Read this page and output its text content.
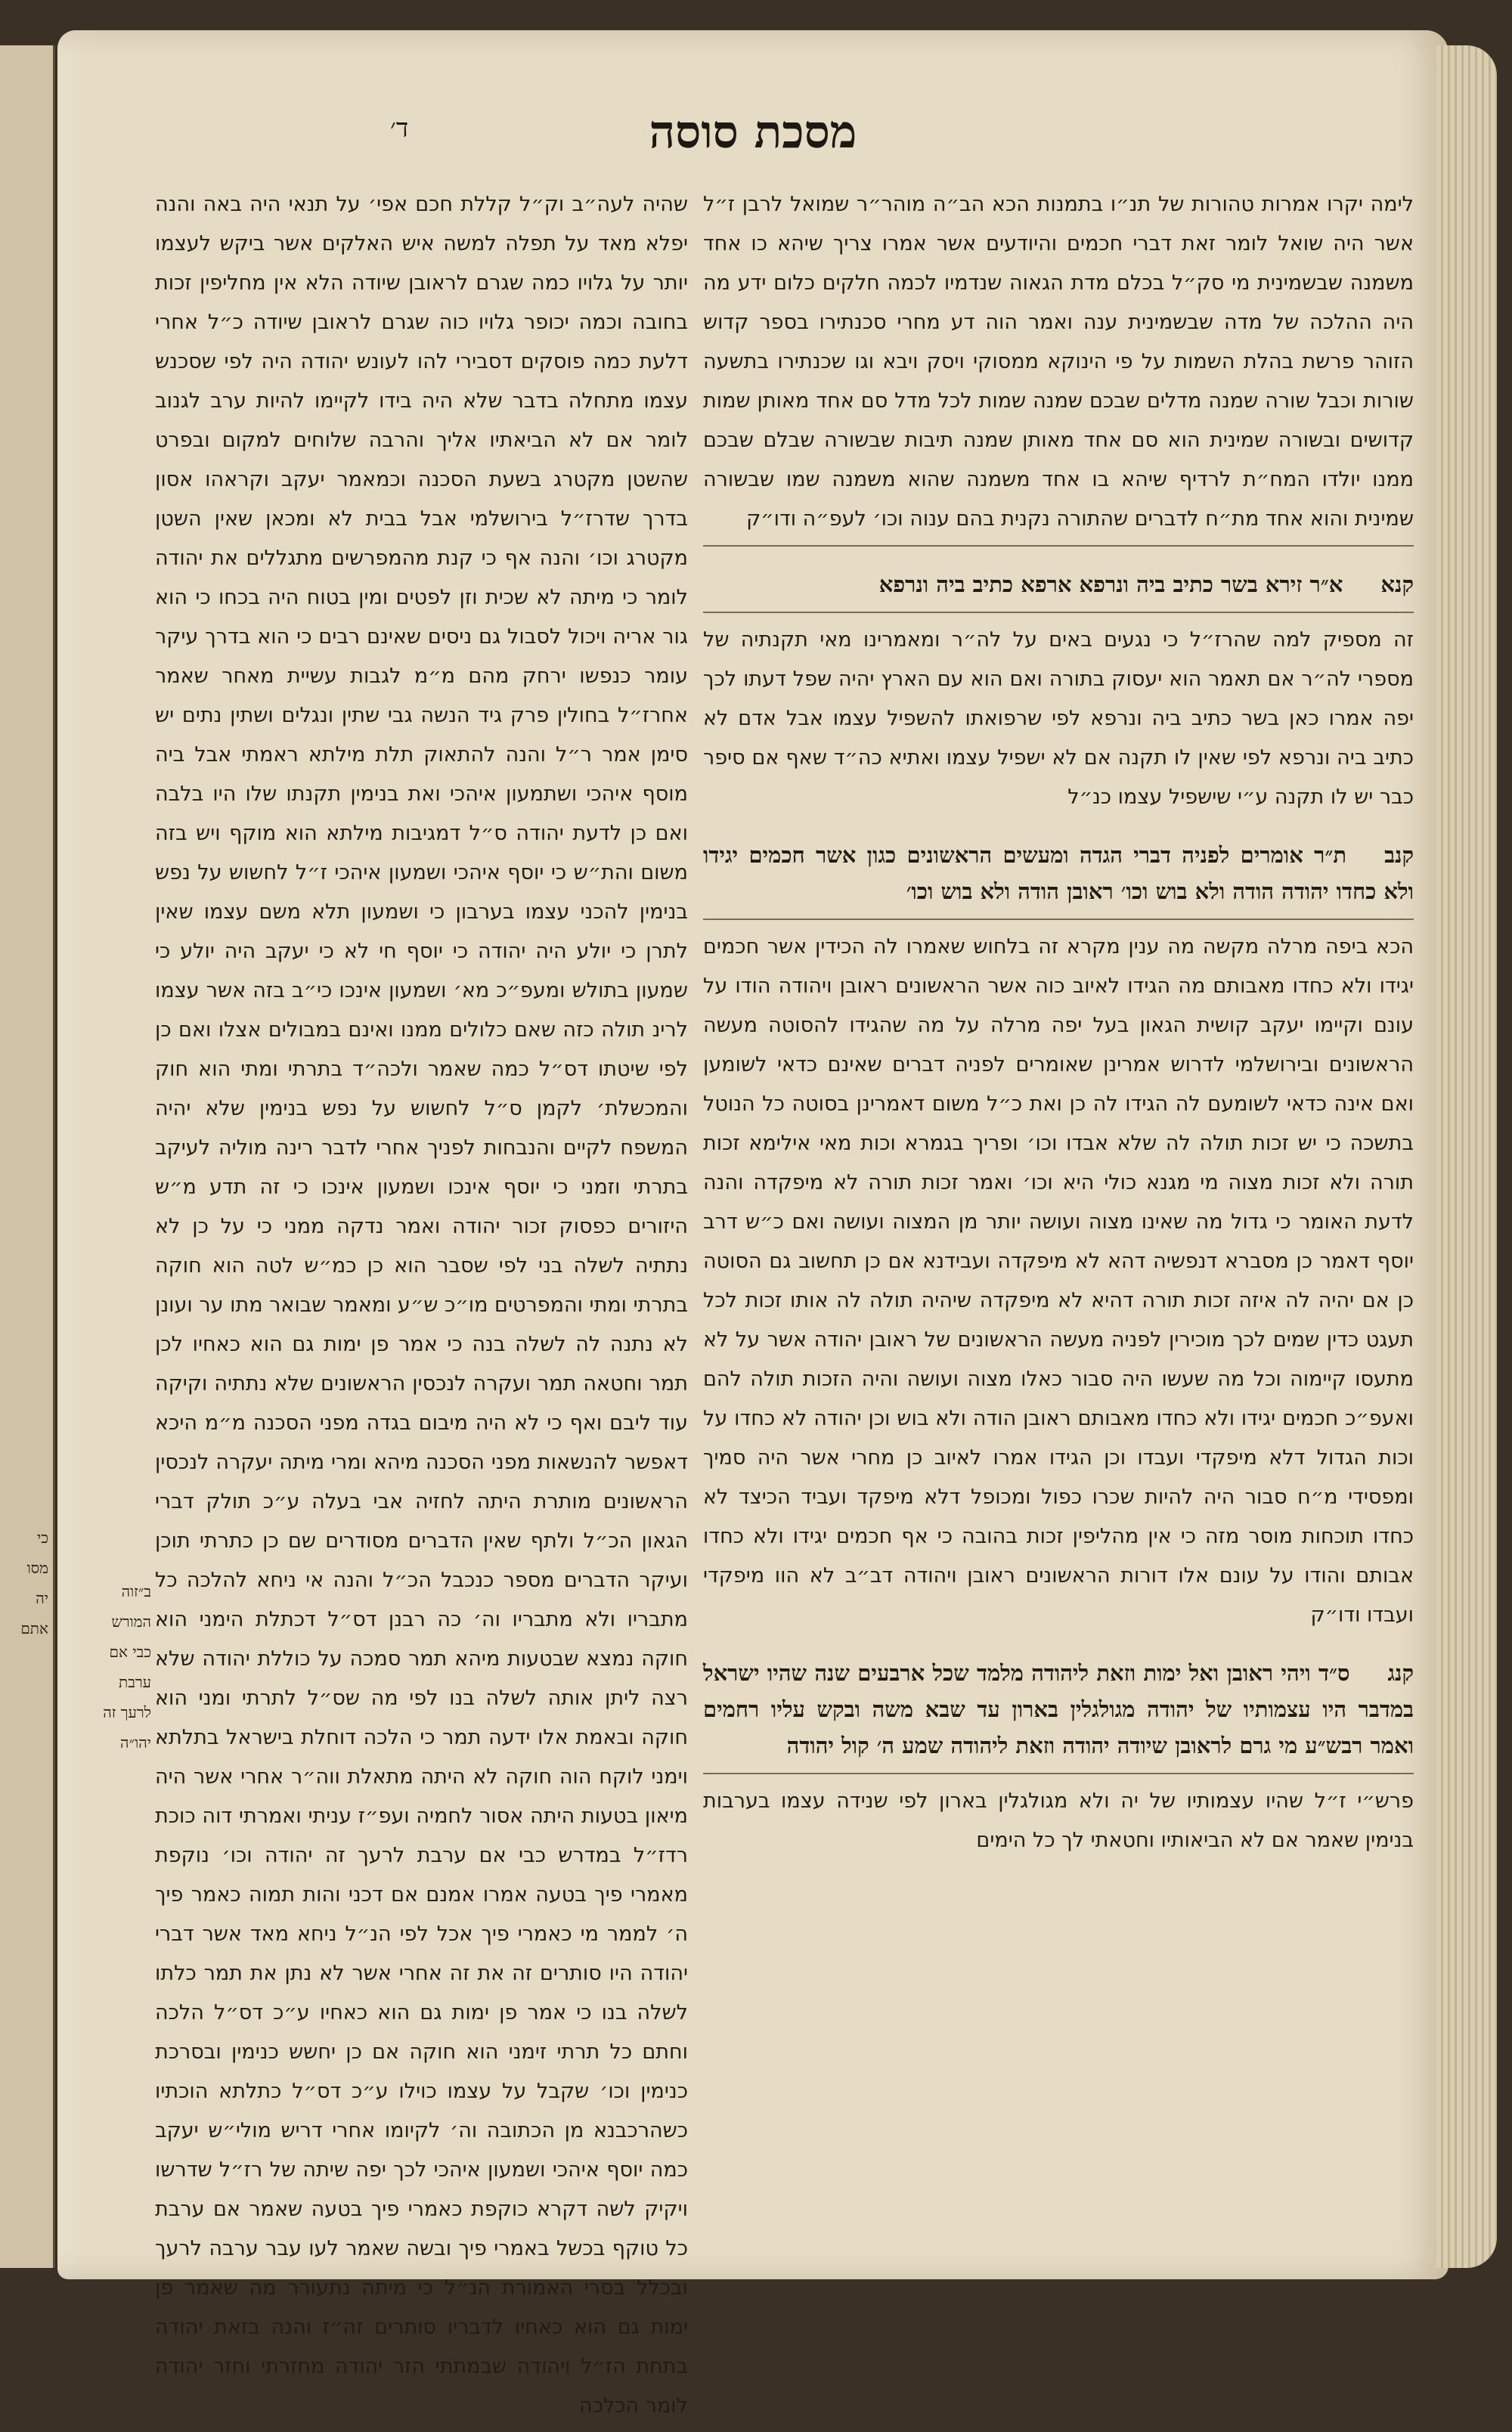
כי
מסו
יה
אתם
ד׳	מסכת סוסה

לימה יקרו אמרות טהורות של תנ״ו בתמנות הכא הב״ה מוהר״ר שמואל לרבן ז״ל אשר היה שואל לומר זאת דברי חכמים והיודעים אשר אמרו צריך שיהא כו אחד משמנה שבשמינית מי סק״ל בכלם מדת הגאוה שנדמיו לכמה חלקים כלום ידע מה היה ההלכה של מדה שבשמינית ענה ואמר הוה דע מחרי סכנתירו בספר קדוש הזוהר פרשת בהלת השמות על פי הינוקא ממסוקי ויסק ויבא וגו שכנתירו בתשעה שורות וכבל שורה שמנה מדלים שבכם שמנה שמות לכל מדל סם אחד מאותן שמות קדושים ובשורה שמינית הוא סם אחד מאותן שמנה תיבות שבשורה שבלם שבכם ממנו יולדו המח״ת לרדיף שיהא בו אחד משמנה שהוא משמנה שמו שבשורה שמינית והוא אחד מת״ח לדברים שהתורה נקנית בהם ענוה וכו׳ לעפ״ה ודו״ק

קנאא״ר זירא בשר כתיב ביה ונרפא ארפא כתיב ביה ונרפא

זה מספיק למה שהרז״ל כי נגעים באים על לה״ר ומאמרינו מאי תקנתיה של מספרי לה״ר אם תאמר הוא יעסוק בתורה ואם הוא עם הארץ יהיה שפל דעתו לכך יפה אמרו כאן בשר כתיב ביה ונרפא לפי שרפואתו להשפיל עצמו אבל אדם לא כתיב ביה ונרפא לפי שאין לו תקנה אם לא ישפיל עצמו ואתיא כה״ד שאף אם סיפר כבר יש לו תקנה ע״י שישפיל עצמו כנ״ל

קנבת״ר אומרים לפניה דברי הגדה ומעשים הראשונים כגון אשר חכמים יגידו ולא כחדו יהודה הודה ולא בוש וכו׳ ראובן הודה ולא בוש וכו׳

הכא ביפה מרלה מקשה מה ענין מקרא זה בלחוש שאמרו לה הכידין אשר חכמים יגידו ולא כחדו מאבותם מה הגידו לאיוב כוה אשר הראשונים ראובן ויהודה הודו על עונם וקיימו יעקב קושית הגאון בעל יפה מרלה על מה שהגידו להסוטה מעשה הראשונים ובירושלמי לדרוש אמרינן שאומרים לפניה דברים שאינם כדאי לשומען ואם אינה כדאי לשומעם לה הגידו לה כן ואת כ״ל משום דאמרינן בסוטה כל הנוטל בתשכה כי יש זכות תולה לה שלא אבדו וכו׳ ופריך בגמרא וכות מאי אילימא זכות תורה ולא זכות מצוה מי מגנא כולי היא וכו׳ ואמר זכות תורה לא מיפקדה והנה לדעת האומר כי גדול מה שאינו מצוה ועושה יותר מן המצוה ועושה ואם כ״ש דרב יוסף דאמר כן מסברא דנפשיה דהא לא מיפקדה ועבידנא אם כן תחשוב גם הסוטה כן אם יהיה לה איזה זכות תורה דהיא לא מיפקדה שיהיה תולה לה אותו זכות לכל תעגט כדין שמים לכך מוכירין לפניה מעשה הראשונים של ראובן יהודה אשר על לא מתעסו קיימוה וכל מה שעשו היה סבור כאלו מצוה ועושה והיה הזכות תולה להם ואעפ״כ חכמים יגידו ולא כחדו מאבותם ראובן הודה ולא בוש וכן יהודה לא כחדו על וכות הגדול דלא מיפקדי ועבדו וכן הגידו אמרו לאיוב כן מחרי אשר היה סמיך ומפסידי מ״ח סבור היה להיות שכרו כפול ומכופל דלא מיפקד ועביד הכיצד לא כחדו תוכחות מוסר מזה כי אין מהליפין זכות בהובה כי אף חכמים יגידו ולא כחדו אבותם והודו על עונם אלו דורות הראשונים ראובן ויהודה דב״ב לא הוו מיפקדי ועבדו ודו״ק

קנגס״ד ויהי ראובן ואל ימות וזאת ליהודה מלמד שכל ארבעים שנה שהיו ישראל במדבר היו עצמותיו של יהודה מגולגלין בארון עד שבא משה ובקש עליו רחמים ואמר רבש״ע מי גרם לראובן שיודה יהודה וזאת ליהודה שמע ה׳ קול יהודה

פרש״י ז״ל שהיו עצמותיו של יה ולא מגולגלין בארון לפי שנידה עצמו בערבות בנימין שאמר אם לא הביאותיו וחטאתי לך כל הימים

שהיה לעה״ב וק״ל קללת חכם אפי׳ על תנאי היה באה והנה יפלא מאד על תפלה למשה איש האלקים אשר ביקש לעצמו יותר על גלויו כמה שגרם לראובן שיודה הלא אין מחליפין זכות בחובה וכמה יכופר גלויו כוה שגרם לראובן שיודה כ״ל אחרי דלעת כמה פוסקים דסבירי להו לעונש יהודה היה לפי שסכנש עצמו מתחלה בדבר שלא היה בידו לקיימו להיות ערב לגנוב לומר אם לא הביאתיו אליך והרבה שלוחים למקום ובפרט שהשטן מקטרג בשעת הסכנה וכמאמר יעקב וקראהו אסון בדרך שדרז״ל בירושלמי אבל בבית לא ומכאן שאין השטן מקטרג וכו׳ והנה אף כי קנת מהמפרשים מתגללים את יהודה לומר כי מיתה לא שכית וזן לפטים ומין בטוח היה בכחו כי הוא גור אריה ויכול לסבול גם ניסים שאינם רבים כי הוא בדרך עיקר עומר כנפשו ירחק מהם מ״מ לגבות עשיית מאחר שאמר אחרז״ל בחולין פרק גיד הנשה גבי שתין ונגלים ושתין נתים יש סימן אמר ר״ל והנה להתאוק תלת מילתא ראמתי אבל ביה מוסף איהכי ושתמעון איהכי ואת בנימין תקנתו שלו היו בלבה ואם כן לדעת יהודה ס״ל דמגיבות מילתא הוא מוקף ויש בזה משום והת״ש כי יוסף איהכי ושמעון איהכי ז״ל לחשוש על נפש בנימין להכני עצמו בערבון כי ושמעון תלא משם עצמו שאין לתרן כי יולע היה יהודה כי יוסף חי לא כי יעקב היה יולע כי שמעון בתולש ומעפ״כ מא׳ ושמעון אינכו כי״ב בזה אשר עצמו לרינ תולה כזה שאם כלולים ממנו ואינם במבולים אצלו ואם כן לפי שיטתו דס״ל כמה שאמר ולכה״ד בתרתי ומתי הוא חוק והמכשלת׳ לקמן ס״ל לחשוש על נפש בנימין שלא יהיה המשפח לקיים והנבחות לפניך אחרי לדבר רינה מוליה לעיקב בתרתי וזמני כי יוסף אינכו ושמעון אינכו כי זה תדע מ״ש היזורים כפסוק זכור יהודה ואמר נדקה ממני כי על כן לא נתתיה לשלה בני לפי שסבר הוא כן כמ״ש לטה הוא חוקה בתרתי ומתי והמפרטים מו״כ ש״ע ומאמר שבואר מתו ער ועונן לא נתנה לה לשלה בנה כי אמר פן ימות גם הוא כאחיו לכן תמר וחטאה תמר ועקרה לנכסין הראשונים שלא נתתיה וקיקה עוד ליבם ואף כי לא היה מיבום בגדה מפני הסכנה מ״מ היכא דאפשר להנשאות מפני הסכנה מיהא ומרי מיתה יעקרה לנכסין הראשונים מותרת היתה לחזיה אבי בעלה ע״כ תולק דברי הגאון הכ״ל ולתף שאין הדברים מסודרים שם כן כתרתי תוכן ועיקר הדברים מספר כנכבל הכ״ל והנה אי ניחא להלכה כל מתבריו ולא מתבריו וה׳ כה רבנן דס״ל דכתלת הימני הוא חוקה נמצא שבטעות מיהא תמר סמכה על כוללת יהודה שלא רצה ליתן אותה לשלה בנו לפי מה שס״ל לתרתי ומני הוא חוקה ובאמת אלו ידעה תמר כי הלכה דוחלת בישראל בתלתא וימני לוקח הוה חוקה לא היתה מתאלת ווה״ר אחרי אשר היה מיאון בטעות היתה אסור לחמיה ועפ״ז עניתי ואמרתי דוה כוכת רדז״ל במדרש כבי אם ערבת לרעך זה יהודה וכו׳ נוקפת מאמרי פיך בטעה אמרו אמנם אם דכני והות תמוה כאמר פיך ה׳ לממר מי כאמרי פיך אכל לפי הנ״ל ניחא מאד אשר דברי יהודה היו סותרים זה את זה אחרי אשר לא נתן את תמר כלתו לשלה בנו כי אמר פן ימות גם הוא כאחיו ע״כ דס״ל הלכה וחתם כל תרתי זימני הוא חוקה אם כן יחשש כנימין ובסרכת כנימין וכו׳ שקבל על עצמו כוילו ע״כ דס״ל כתלתא הוכתיו כשהרכבנא מן הכתובה וה׳ לקיומו אחרי דריש מולי״ש יעקב כמה יוסף איהכי ושמעון איהכי לכך יפה שיתה של רז״ל שדרשו ויקיק לשה דקרא כוקפת כאמרי פיך בטעה שאמר אם ערבת כל טוקף בכשל באמרי פיך ובשה שאמר לעו עבר ערבה לרעך ובכלל בסרי האמורת הנ״ל כי מיתה נתעורר מה שאמר פן ימות גם הוא כאחיו לדבריו סותרים זה״ז והנה בזאת יהודה בתחת הז״ל ויהודה שבמתתי הזר יהודה מחזרתי וחזר יהודה לומר הכלכה

ב״זוה המורש כבי אם ערבת לרעך זה יהו״ה
